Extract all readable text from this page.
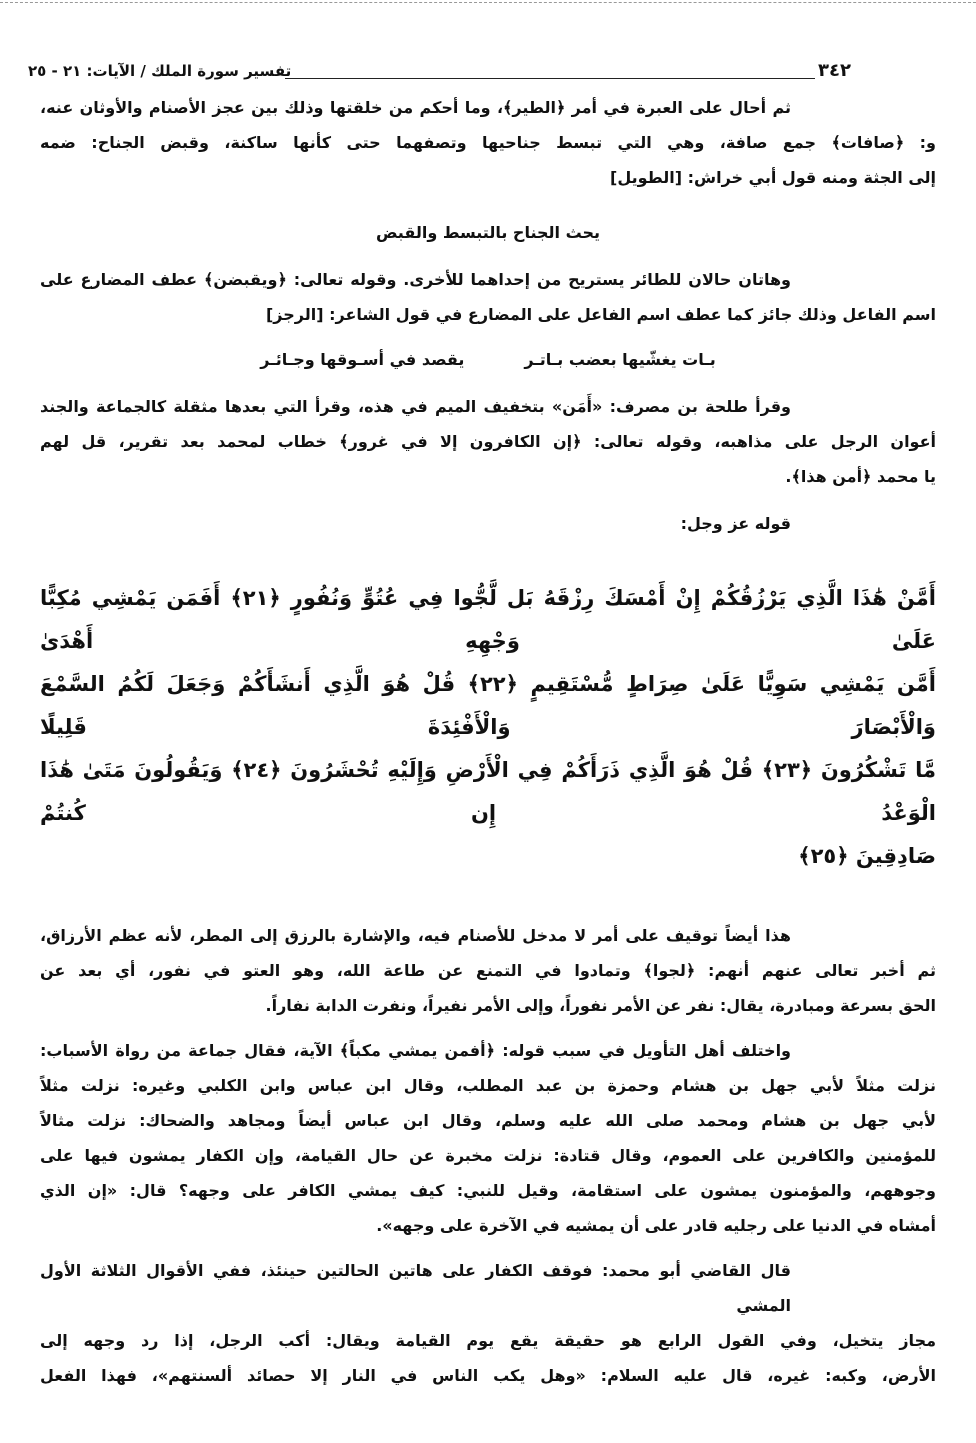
٣٤٢
تفسير سورة الملك / الآيات: ٢١ - ٢٥
ثم أحال على العبرة في أمر ﴿الطير﴾، وما أحكم من خلقتها وذلك بين عجز الأصنام والأوثان عنه،
و: ﴿صافات﴾ جمع صافة، وهي التي تبسط جناحيها وتصفهما حتى كأنها ساكنة، وقبض الجناح: ضمه
إلى الجثة ومنه قول أبي خراش: [الطويل]
يحث الجناح بالتبسط والقبض
وهاتان حالان للطائر يستريح من إحداهما للأخرى. وقوله تعالى: ﴿ويقبضن﴾ عطف المضارع على
اسم الفاعل وذلك جائز كما عطف اسم الفاعل على المضارع في قول الشاعر: [الرجز]
بـات يغشّيها بعضب بـاتـر
يقصد في أسـوقها وجـائـر
وقرأ طلحة بن مصرف: «أَمَن» بتخفيف الميم في هذه، وقرأ التي بعدها مثقلة كالجماعة والجند
أعوان الرجل على مذاهبه، وقوله تعالى: ﴿إن الكافرون إلا في غرور﴾ خطاب لمحمد بعد تقرير، قل لهم
يا محمد ﴿أمن هذا﴾.
قوله عز وجل:
أَمَّنْ هَٰذَا الَّذِي يَرْزُقُكُمْ إِنْ أَمْسَكَ رِزْقَهُ بَل لَّجُّوا فِي عُتُوٍّ وَنُفُورٍ ﴿٢١﴾ أَفَمَن يَمْشِي مُكِبًّا عَلَىٰ وَجْهِهِ أَهْدَىٰ
أَمَّن يَمْشِي سَوِيًّا عَلَىٰ صِرَاطٍ مُّسْتَقِيمٍ ﴿٢٢﴾ قُلْ هُوَ الَّذِي أَنشَأَكُمْ وَجَعَلَ لَكُمُ السَّمْعَ وَالْأَبْصَارَ وَالْأَفْئِدَةَ قَلِيلًا
مَّا تَشْكُرُونَ ﴿٢٣﴾ قُلْ هُوَ الَّذِي ذَرَأَكُمْ فِي الْأَرْضِ وَإِلَيْهِ تُحْشَرُونَ ﴿٢٤﴾ وَيَقُولُونَ مَتَىٰ هَٰذَا الْوَعْدُ إِن كُنتُمْ
صَادِقِينَ ﴿٢٥﴾
هذا أيضاً توقيف على أمر لا مدخل للأصنام فيه، والإشارة بالرزق إلى المطر، لأنه عظم الأرزاق،
ثم أخبر تعالى عنهم أنهم: ﴿لجوا﴾ وتمادوا في التمنع عن طاعة الله، وهو العتو في نفور، أي بعد عن
الحق بسرعة ومبادرة، يقال: نفر عن الأمر نفوراً، وإلى الأمر نفيراً، ونفرت الدابة نفاراً.
واختلف أهل التأويل في سبب قوله: ﴿أفمن يمشي مكباً﴾ الآية، فقال جماعة من رواة الأسباب:
نزلت مثلاً لأبي جهل بن هشام وحمزة بن عبد المطلب، وقال ابن عباس وابن الكلبي وغيره: نزلت مثلاً
لأبي جهل بن هشام ومحمد صلى الله عليه وسلم، وقال ابن عباس أيضاً ومجاهد والضحاك: نزلت مثالاً
للمؤمنين والكافرين على العموم، وقال قتادة: نزلت مخبرة عن حال القيامة، وإن الكفار يمشون فيها على
وجوههم، والمؤمنون يمشون على استقامة، وقيل للنبي: كيف يمشي الكافر على وجهه؟ قال: «إن الذي
أمشاه في الدنيا على رجليه قادر على أن يمشيه في الآخرة على وجهه».
قال القاضي أبو محمد: فوقف الكفار على هاتين الحالتين حينئذ، ففي الأقوال الثلاثة الأول المشي
مجاز يتخيل، وفي القول الرابع هو حقيقة يقع يوم القيامة ويقال: أكب الرجل، إذا رد وجهه إلى
الأرض، وكبه: غيره، قال عليه السلام: «وهل يكب الناس في النار إلا حصائد ألسنتهم»، فهذا الفعل
